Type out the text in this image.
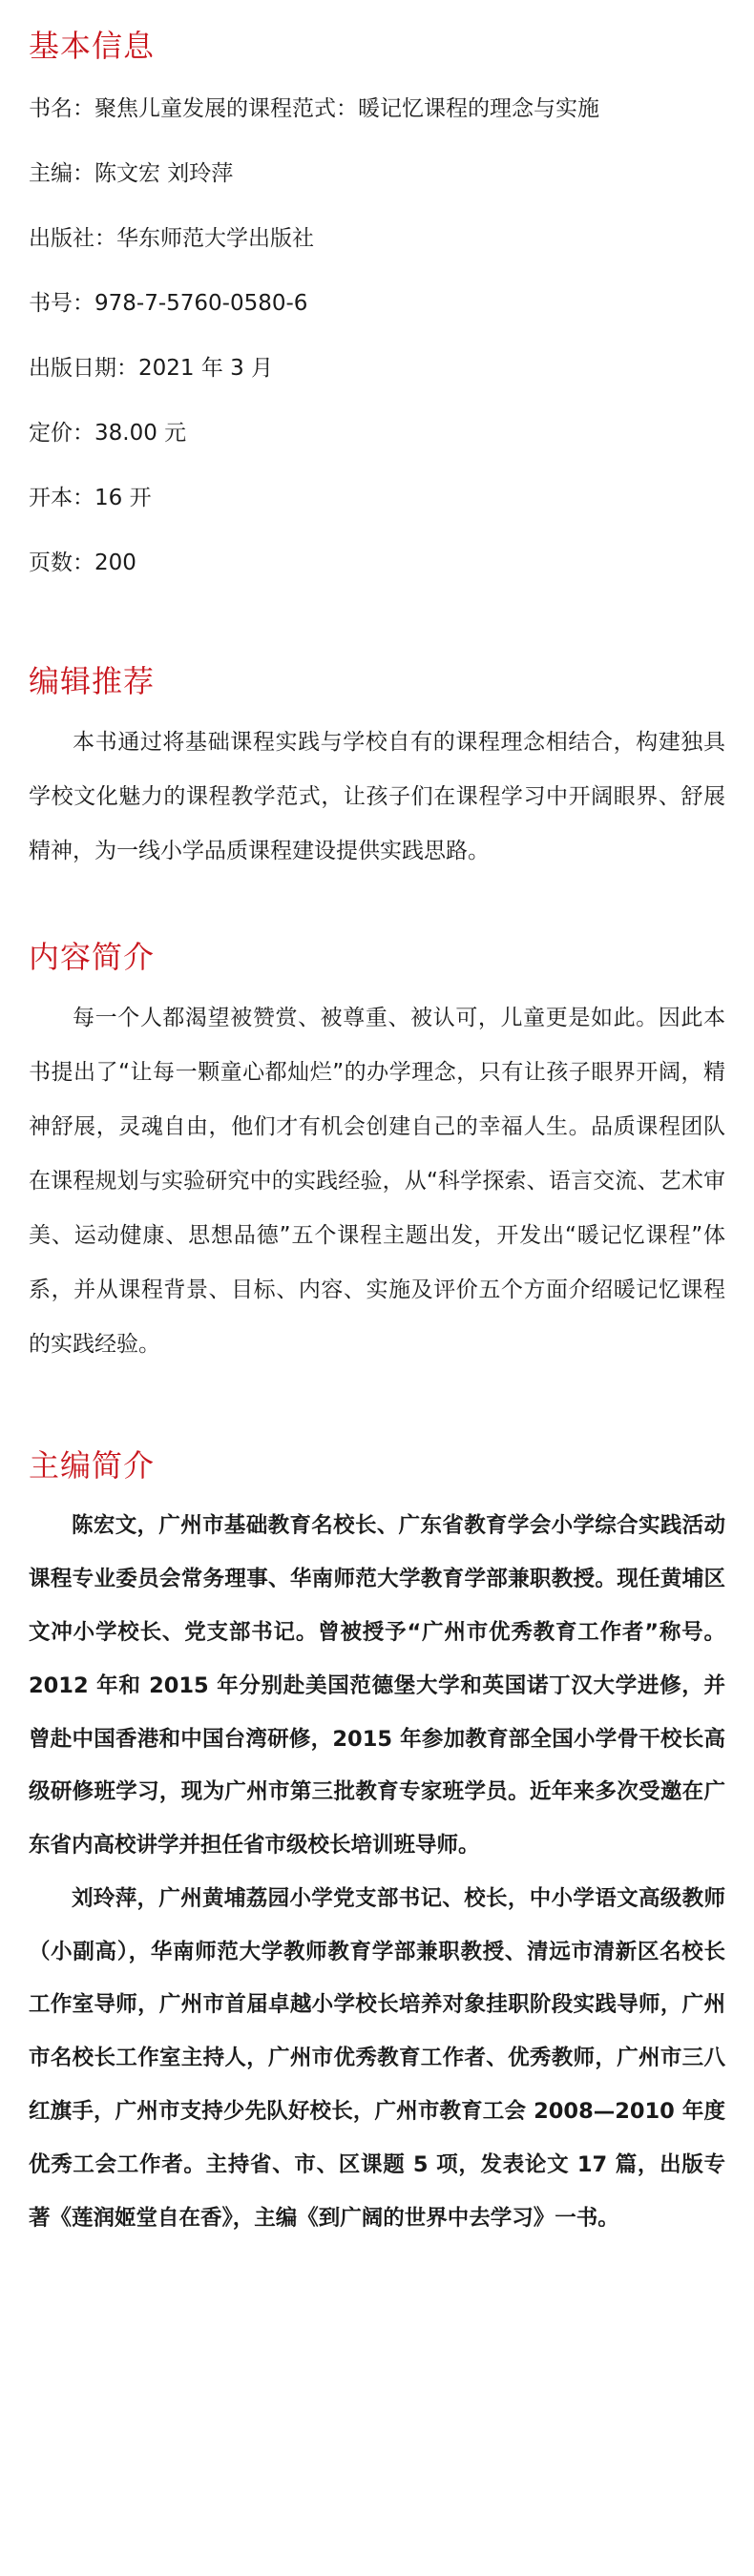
基本信息
书名：聚焦儿童发展的课程范式：暖记忆课程的理念与实施
主编：陈文宏 刘玲萍
出版社：华东师范大学出版社
书号：978-7-5760-0580-6
出版日期：2021 年 3 月
定价：38.00 元
开本：16 开
页数：200
编辑推荐

本书通过将基础课程实践与学校自有的课程理念相结合，构建独具学校文化魅力的课程教学范式，让孩子们在课程学习中开阔眼界、舒展精神，为一线小学品质课程建设提供实践思路。

内容简介

每一个人都渴望被赞赏、被尊重、被认可，儿童更是如此。因此本书提出了“让每一颗童心都灿烂”的办学理念，只有让孩子眼界开阔，精神舒展，灵魂自由，他们才有机会创建自己的幸福人生。品质课程团队在课程规划与实验研究中的实践经验，从“科学探索、语言交流、艺术审美、运动健康、思想品德”五个课程主题出发，开发出“暖记忆课程”体系，并从课程背景、目标、内容、实施及评价五个方面介绍暖记忆课程的实践经验。

主编简介

陈宏文，广州市基础教育名校长、广东省教育学会小学综合实践活动课程专业委员会常务理事、华南师范大学教育学部兼职教授。现任黄埔区文冲小学校长、党支部书记。曾被授予“广州市优秀教育工作者”称号。2012 年和 2015 年分别赴美国范德堡大学和英国诺丁汉大学进修，并曾赴中国香港和中国台湾研修，2015 年参加教育部全国小学骨干校长高级研修班学习，现为广州市第三批教育专家班学员。近年来多次受邀在广东省内高校讲学并担任省市级校长培训班导师。

刘玲萍，广州黄埔荔园小学党支部书记、校长，中小学语文高级教师（小副高），华南师范大学教师教育学部兼职教授、清远市清新区名校长工作室导师，广州市首届卓越小学校长培养对象挂职阶段实践导师，广州市名校长工作室主持人，广州市优秀教育工作者、优秀教师，广州市三八红旗手，广州市支持少先队好校长，广州市教育工会 2008—2010 年度优秀工会工作者。主持省、市、区课题 5 项，发表论文 17 篇，出版专著《莲润姬堂自在香》，主编《到广阔的世界中去学习》一书。
